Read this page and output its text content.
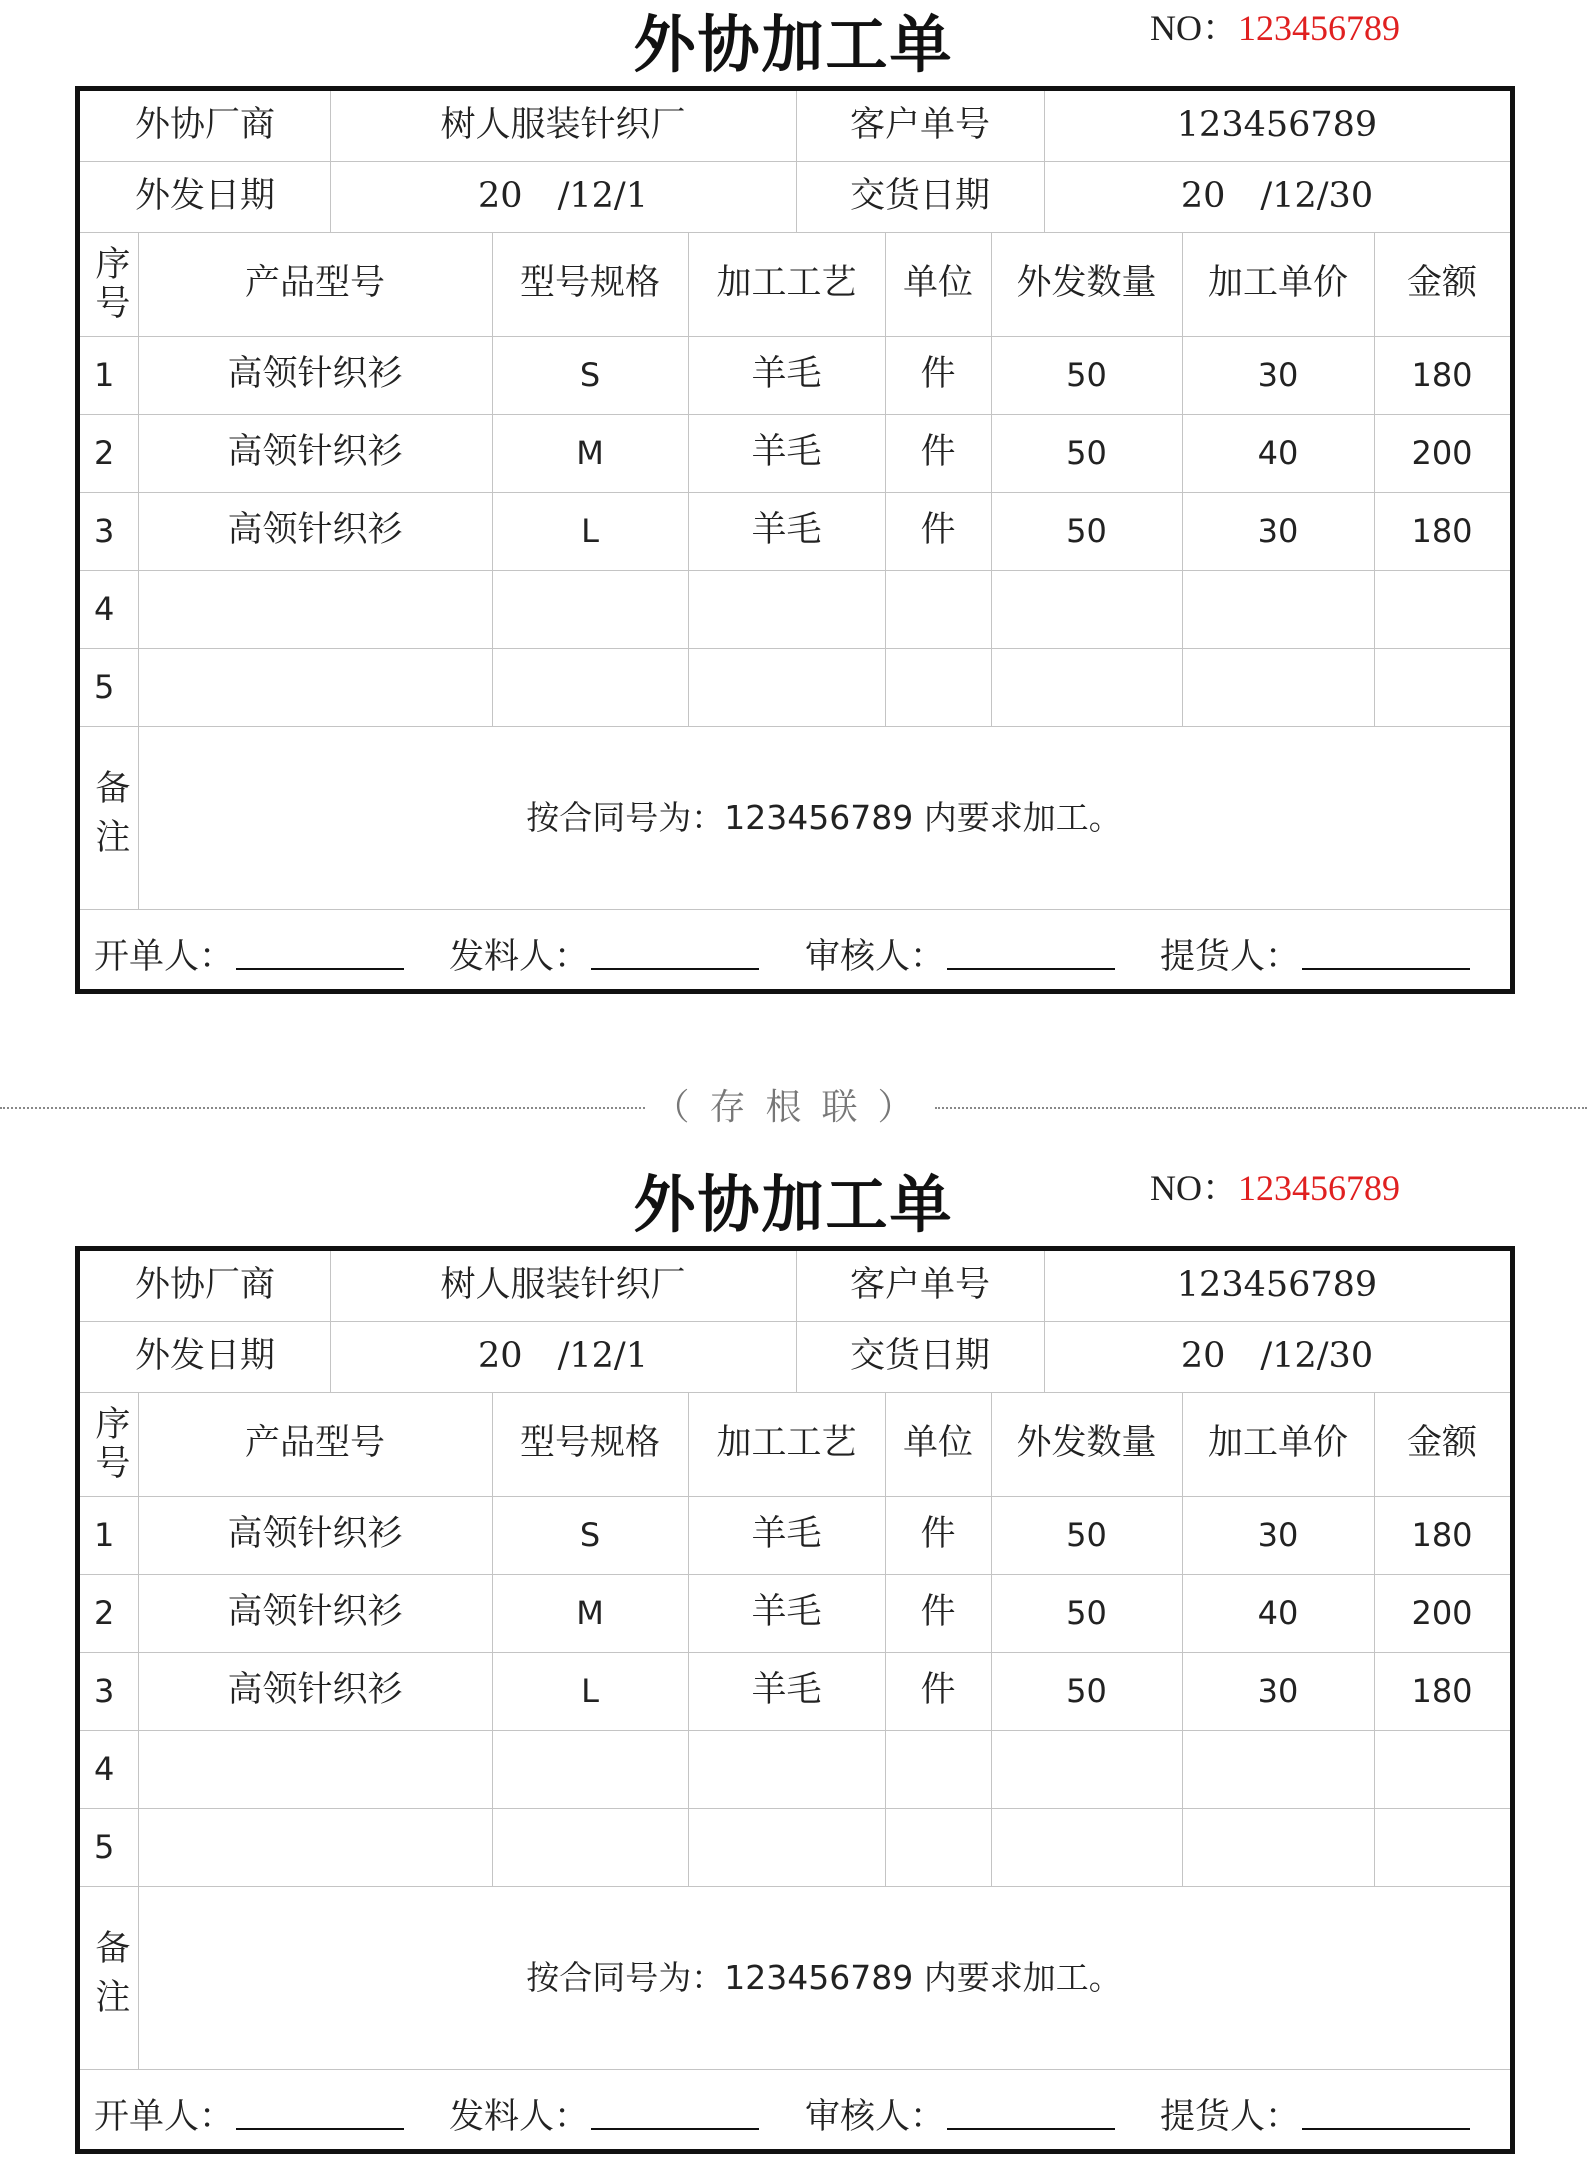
外协加工单	NO：123456789
外协厂商	树人服装针织厂	客户单号	123456789
外发日期	20　/12/1	交货日期	20　/12/30
序号	产品型号	型号规格	加工工艺	单位	外发数量	加工单价	金额
1	高领针织衫	S	羊毛	件	50	30	180
2	高领针织衫	M	羊毛	件	50	40	200
3	高领针织衫	L	羊毛	件	50	30	180
4
5
备注	按合同号为：123456789 内要求加工。
开单人：	发料人：	审核人：	提货人：
（存根联）
外协加工单	NO：123456789
外协厂商	树人服装针织厂	客户单号	123456789
外发日期	20　/12/1	交货日期	20　/12/30
序号	产品型号	型号规格	加工工艺	单位	外发数量	加工单价	金额
1	高领针织衫	S	羊毛	件	50	30	180
2	高领针织衫	M	羊毛	件	50	40	200
3	高领针织衫	L	羊毛	件	50	30	180
4
5
备注	按合同号为：123456789 内要求加工。
开单人：	发料人：	审核人：	提货人：
